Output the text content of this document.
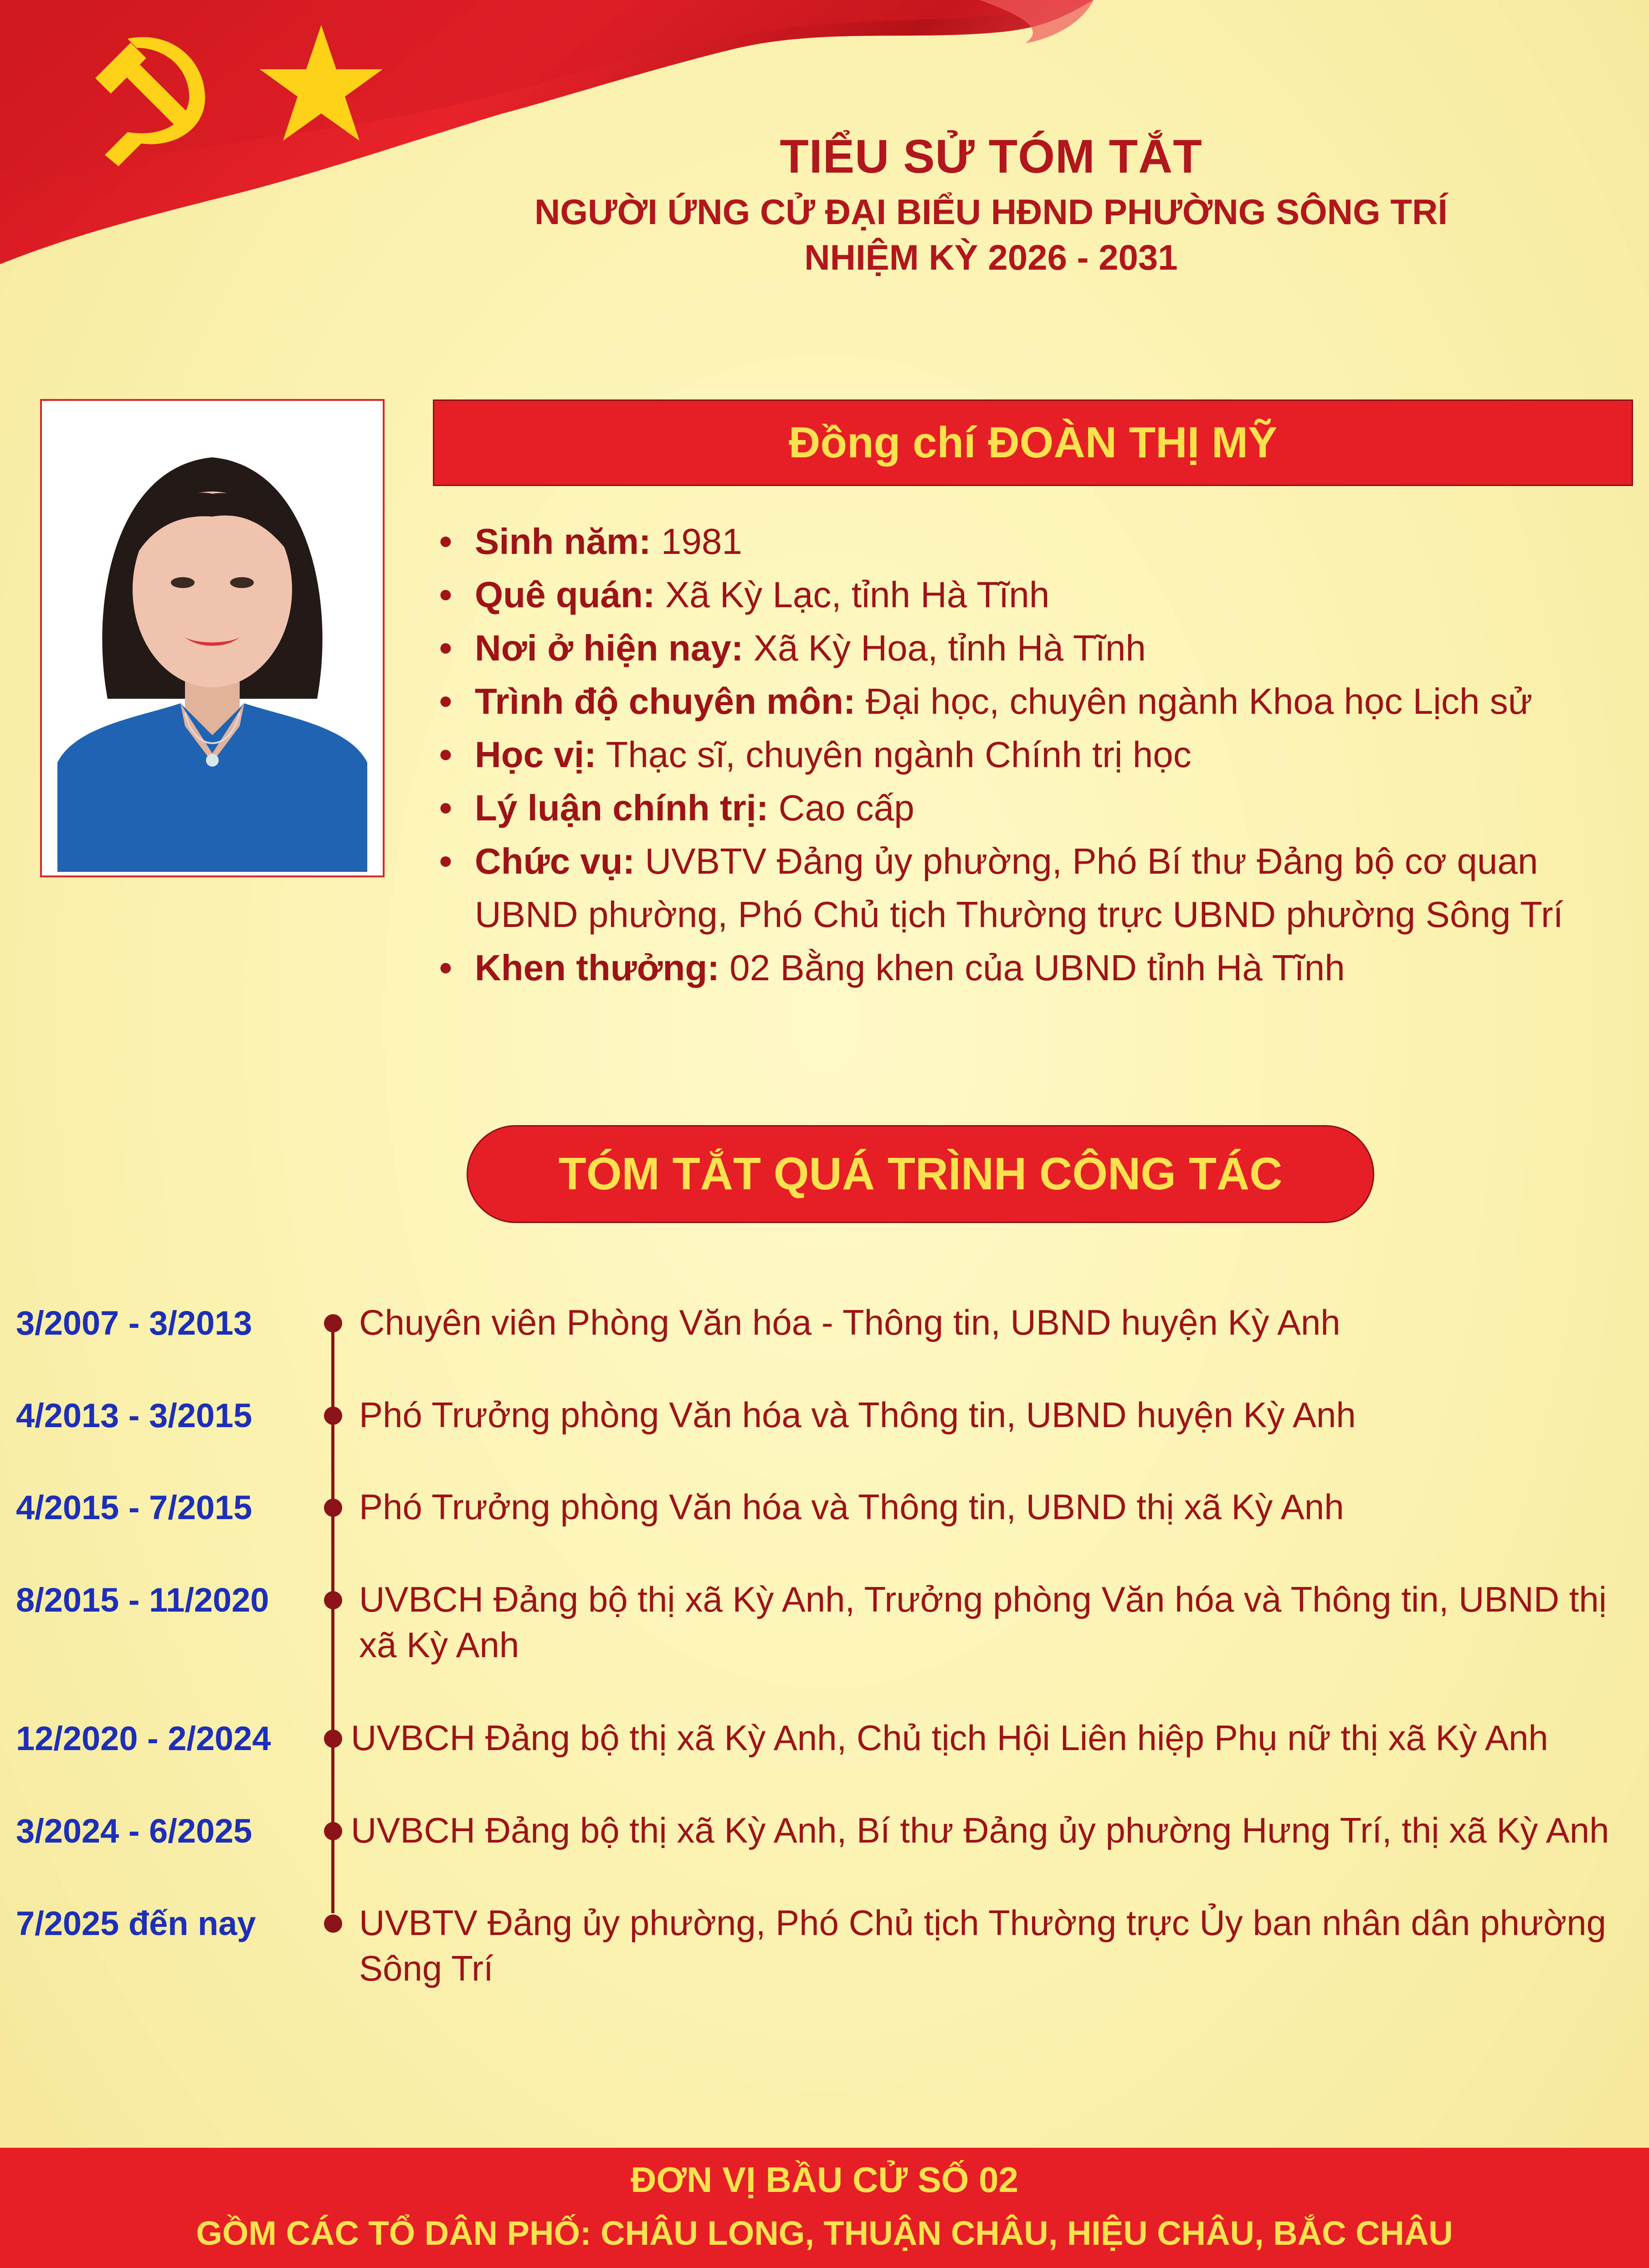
TIỂU SỬ TÓM TẮT
NGƯỜI ỨNG CỬ ĐẠI BIỂU HĐND PHƯỜNG SÔNG TRÍ
NHIỆM KỲ 2026 - 2031
Đồng chí ĐOÀN THỊ MỸ
• Sinh năm: 1981
• Quê quán: Xã Kỳ Lạc, tỉnh Hà Tĩnh
• Nơi ở hiện nay: Xã Kỳ Hoa, tỉnh Hà Tĩnh
• Trình độ chuyên môn: Đại học, chuyên ngành Khoa học Lịch sử
• Học vị: Thạc sĩ, chuyên ngành Chính trị học
• Lý luận chính trị: Cao cấp
• Chức vụ: UVBTV Đảng ủy phường, Phó Bí thư Đảng bộ cơ quan UBND phường, Phó Chủ tịch Thường trực UBND phường Sông Trí
• Khen thưởng: 02 Bằng khen của UBND tỉnh Hà Tĩnh
TÓM TẮT QUÁ TRÌNH CÔNG TÁC
3/2007 - 3/2013	Chuyên viên Phòng Văn hóa - Thông tin, UBND huyện Kỳ Anh
4/2013 - 3/2015	Phó Trưởng phòng Văn hóa và Thông tin, UBND huyện Kỳ Anh
4/2015 - 7/2015	Phó Trưởng phòng Văn hóa và Thông tin, UBND thị xã Kỳ Anh
8/2015 - 11/2020	UVBCH Đảng bộ thị xã Kỳ Anh, Trưởng phòng Văn hóa và Thông tin, UBND thị xã Kỳ Anh
12/2020 - 2/2024	UVBCH Đảng bộ thị xã Kỳ Anh, Chủ tịch Hội Liên hiệp Phụ nữ thị xã Kỳ Anh
3/2024 - 6/2025	UVBCH Đảng bộ thị xã Kỳ Anh, Bí thư Đảng ủy phường Hưng Trí, thị xã Kỳ Anh
7/2025 đến nay	UVBTV Đảng ủy phường, Phó Chủ tịch Thường trực Ủy ban nhân dân phường Sông Trí
ĐƠN VỊ BẦU CỬ SỐ 02
GỒM CÁC TỔ DÂN PHỐ: CHÂU LONG, THUẬN CHÂU, HIỆU CHÂU, BẮC CHÂU
